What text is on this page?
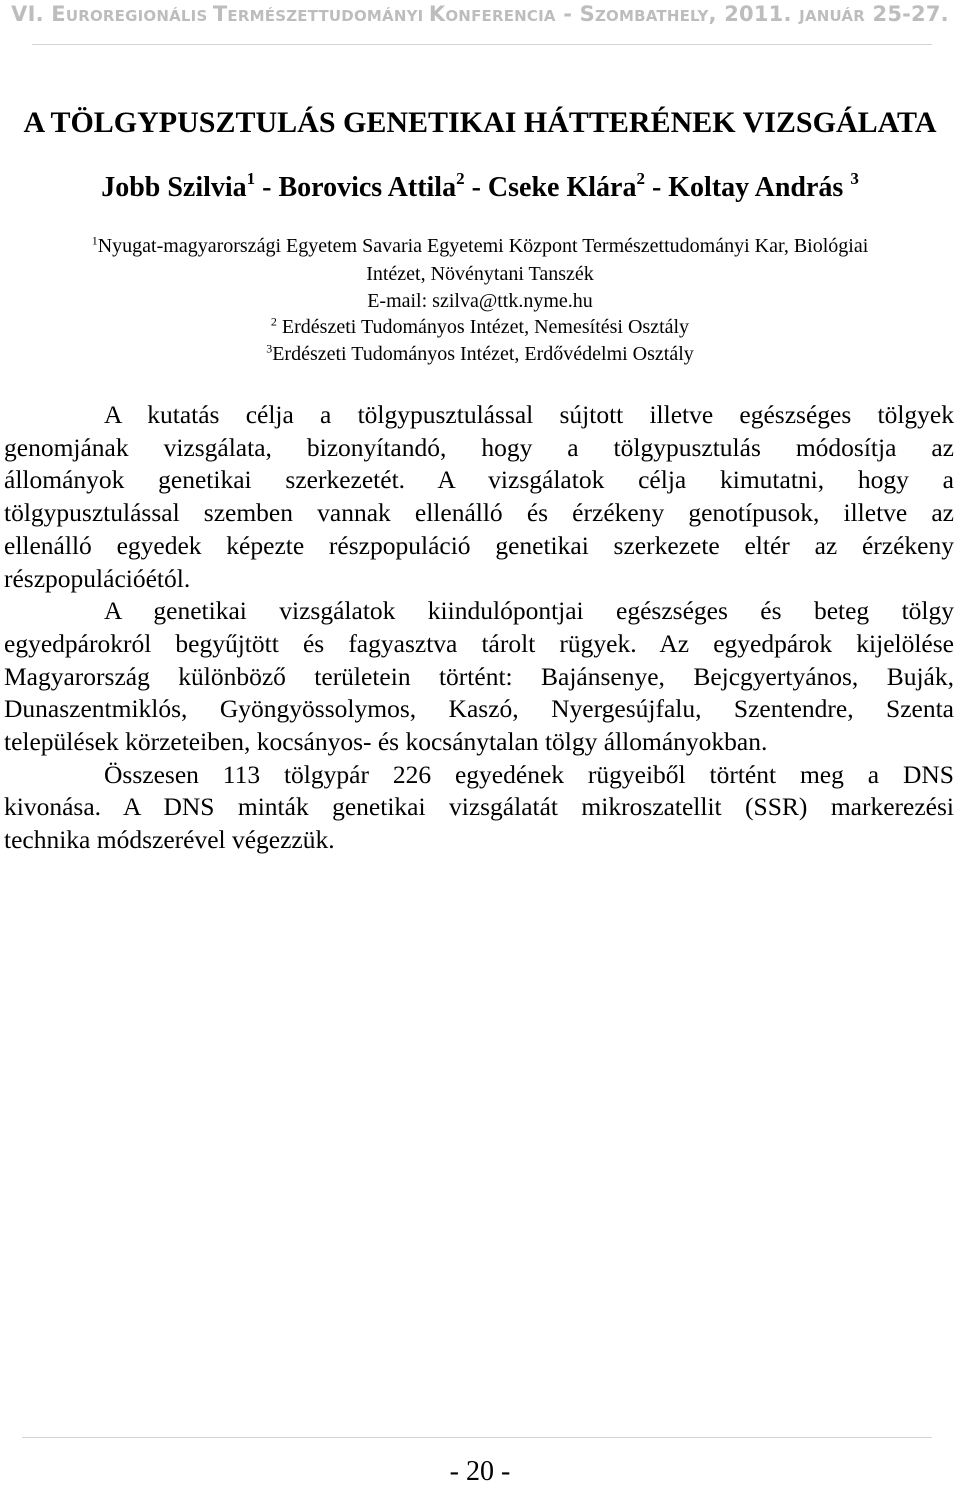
VI. EUROREGIONÁLIS TERMÉSZETTUDOMÁNYI KONFERENCIA - SZOMBATHELY, 2011. JANUÁR 25-27.
A TÖLGYPUSZTULÁS GENETIKAI HÁTTERÉNEK VIZSGÁLATA
Jobb Szilvia$^1$ - Borovics Attila$^2$ - Cseke Klára$^2$ - Koltay András $^3$
$^1$Nyugat-magyarországi Egyetem Savaria Egyetemi Központ Természettudományi Kar, Biológiai
Intézet, Növénytani Tanszék
E-mail: szilva@ttk.nyme.hu
$^2$ Erdészeti Tudományos Intézet, Nemesítési Osztály
$^3$Erdészeti Tudományos Intézet, Erdővédelmi Osztály

A kutatás célja a tölgypusztulással sújtott illetve egészséges tölgyek
genomjának vizsgálata, bizonyítandó, hogy a tölgypusztulás módosítja az
állományok genetikai szerkezetét. A vizsgálatok célja kimutatni, hogy a
tölgypusztulással szemben vannak ellenálló és érzékeny genotípusok, illetve az
ellenálló egyedek képezte részpopuláció genetikai szerkezete eltér az érzékeny
részpopulációétól.

A genetikai vizsgálatok kiindulópontjai egészséges és beteg tölgy
egyedpárokról begyűjtött és fagyasztva tárolt rügyek. Az egyedpárok kijelölése
Magyarország különböző területein történt: Bajánsenye, Bejcgyertyános, Buják,
Dunaszentmiklós, Gyöngyössolymos, Kaszó, Nyergesújfalu, Szentendre, Szenta
települések körzeteiben, kocsányos- és kocsánytalan tölgy állományokban.

Összesen 113 tölgypár 226 egyedének rügyeiből történt meg a DNS
kivonása. A DNS minták genetikai vizsgálatát mikroszatellit (SSR) markerezési
technika módszerével végezzük.

- 20 -
